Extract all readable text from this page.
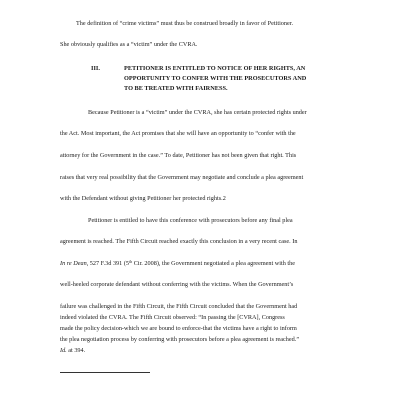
The definition of “crime victims” must thus be construed broadly in favor of Petitioner.
She obviously qualifies as a “victim” under the CVRA.
III.	PETITIONER IS ENTITLED TO NOTICE OF HER RIGHTS, AN
OPPORTUNITY TO CONFER WITH THE PROSECUTORS AND
TO BE TREATED WITH FAIRNESS.
Because Petitioner is a “victim” under the CVRA, she has certain protected rights under
the Act. Most important, the Act promises that she will have an opportunity to “confer with the
attorney for the Government in the case.” To date, Petitioner has not been given that right. This
raises that very real possibility that the Government may negotiate and conclude a plea agreement
with the Defendant without giving Petitioner her protected rights.2
Petitioner is entitled to have this conference with prosecutors before any final plea
agreement is reached. The Fifth Circuit reached exactly this conclusion in a very recent case. In
In re Dean, 527 F.3d 391 (5th Cir. 2008), the Government negotiated a plea agreement with the
well-heeled corporate defendant without conferring with the victims. When the Government’s
failure was challenged in the Fifth Circuit, the Fifth Circuit concluded that the Government had
indeed violated the CVRA. The Fifth Circuit observed: “In passing the [CVRA], Congress
made the policy decision-which we are bound to enforce-that the victims have a right to inform
the plea negotiation process by conferring with prosecutors before a plea agreement is reached.”
Id. at 394.
